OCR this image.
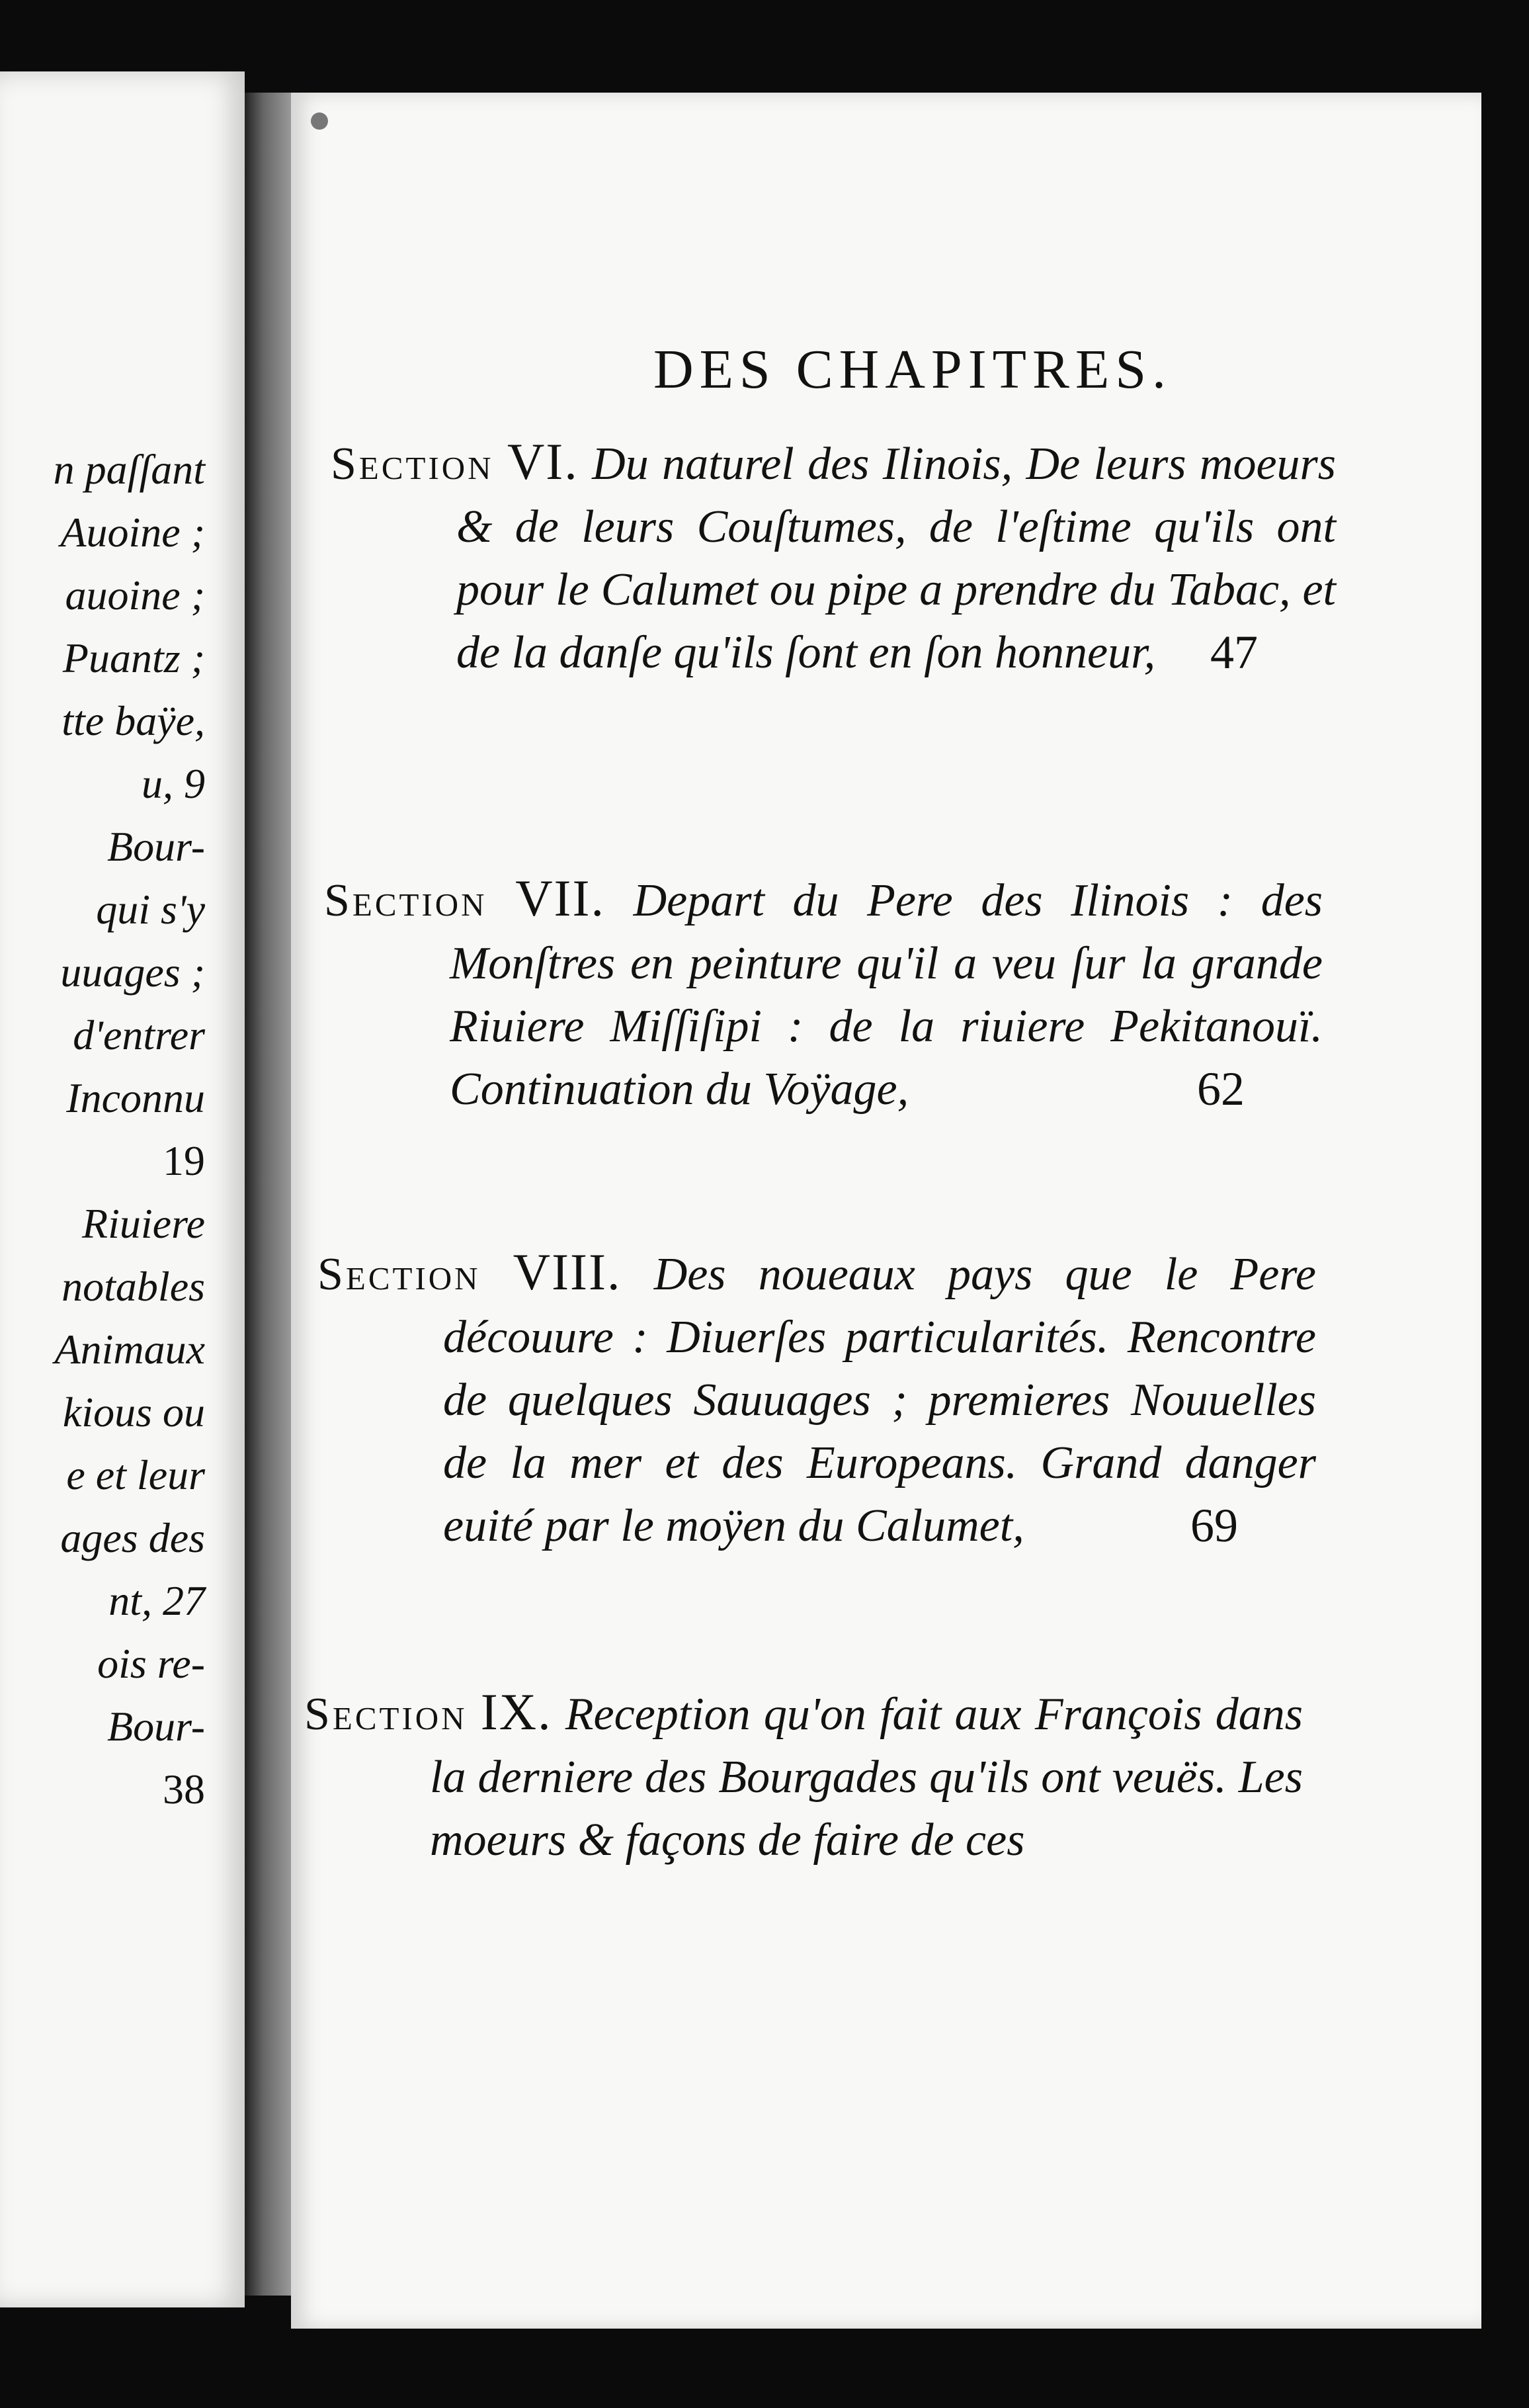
n paſſant
Auoine ;
auoine ;
Puantz ;
tte baÿe,
u, 9
Bour-
qui s'y
uuages ;
d'entrer
Inconnu
19
Riuiere
notables
Animaux
kious ou
e et leur
ages des
nt, 27
ois re-
Bour-
38
DES CHAPITRES.
Section VI. Du naturel des Ilinois, De leurs moeurs & de leurs Couſtumes, de l'eſtime qu'ils ont pour le Calumet ou pipe a prendre du Tabac, et de la danſe qu'ils ſont en ſon honneur, 47
Section VII. Depart du Pere des Ilinois : des Monſtres en peinture qu'il a veu ſur la grande Riuiere Miſſiſipi : de la riuiere Pekitanouï. Continuation du Voÿage,	62
Section VIII. Des noueaux pays que le Pere découure : Diuerſes particularités. Rencontre de quelques Sauuages ; premieres Nouuelles de la mer et des Europeans. Grand danger euité par le moÿen du Calumet,	69
Section IX. Reception qu'on fait aux François dans la derniere des Bourgades qu'ils ont veuës. Les moeurs & façons de faire de ces
